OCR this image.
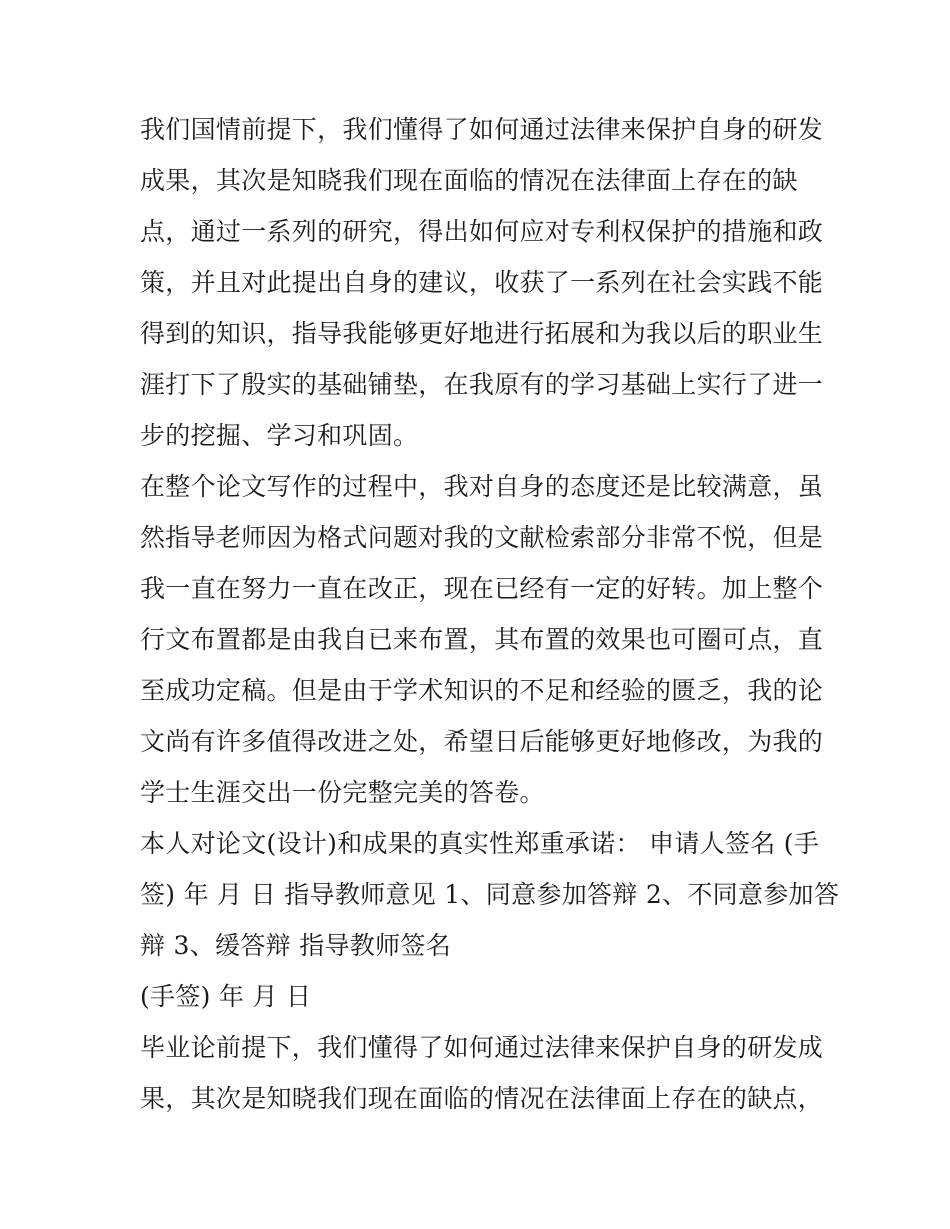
我们国情前提下，我们懂得了如何通过法律来保护自身的研发
成果，其次是知晓我们现在面临的情况在法律面上存在的缺
点，通过一系列的研究，得出如何应对专利权保护的措施和政
策，并且对此提出自身的建议，收获了一系列在社会实践不能
得到的知识，指导我能够更好地进行拓展和为我以后的职业生
涯打下了殷实的基础铺垫，在我原有的学习基础上实行了进一
步的挖掘、学习和巩固。
在整个论文写作的过程中，我对自身的态度还是比较满意，虽
然指导老师因为格式问题对我的文献检索部分非常不悦，但是
我一直在努力一直在改正，现在已经有一定的好转。加上整个
行文布置都是由我自已来布置，其布置的效果也可圈可点，直
至成功定稿。但是由于学术知识的不足和经验的匮乏，我的论
文尚有许多值得改进之处，希望日后能够更好地修改，为我的
学士生涯交出一份完整完美的答卷。
本人对论文(设计)和成果的真实性郑重承诺： 申请人签名 (手
签) 年 月 日 指导教师意见 1、同意参加答辩 2、不同意参加答
辩 3、缓答辩 指导教师签名
(手签) 年 月 日
毕业论前提下，我们懂得了如何通过法律来保护自身的研发成
果，其次是知晓我们现在面临的情况在法律面上存在的缺点，
